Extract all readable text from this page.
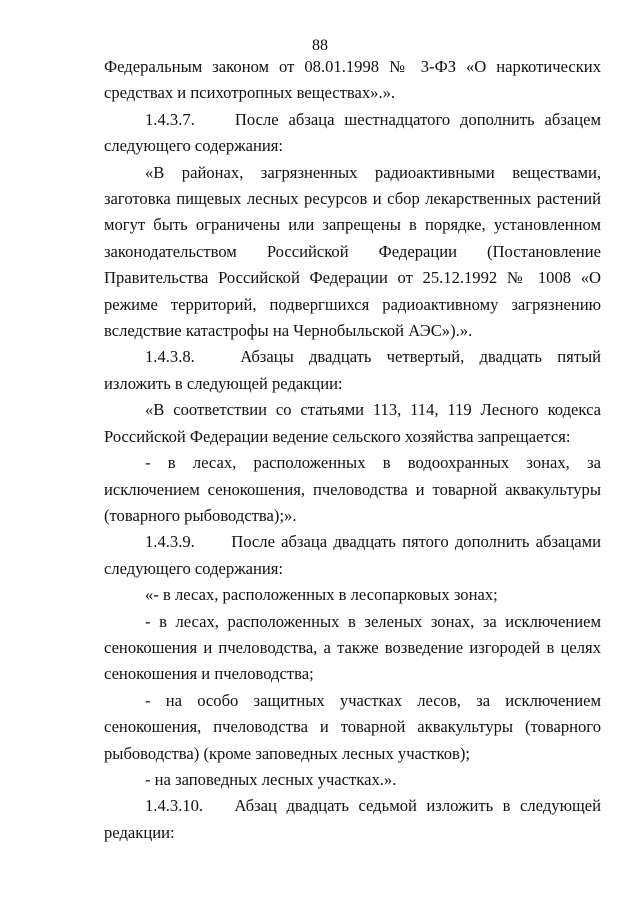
88

Федеральным законом от 08.01.1998 № 3-ФЗ «О наркотических средствах и психотропных веществах».».

1.4.3.7. После абзаца шестнадцатого дополнить абзацем следующего содержания:

«В районах, загрязненных радиоактивными веществами, заготовка пищевых лесных ресурсов и сбор лекарственных растений могут быть ограничены или запрещены в порядке, установленном законодательством Российской Федерации (Постановление Правительства Российской Федерации от 25.12.1992 № 1008 «О режиме территорий, подвергшихся радиоактивному загрязнению вследствие катастрофы на Чернобыльской АЭС»).».

1.4.3.8.	Абзацы двадцать четвертый, двадцать пятый изложить в следующей редакции:

«В соответствии со статьями 113, 114, 119 Лесного кодекса Российской Федерации ведение сельского хозяйства запрещается:

- в лесах, расположенных в водоохранных зонах, за исключением сенокошения, пчеловодства и товарной аквакультуры (товарного рыбоводства);».

1.4.3.9. После абзаца двадцать пятого дополнить абзацами следующего содержания:

«- в лесах, расположенных в лесопарковых зонах;

- в лесах, расположенных в зеленых зонах, за исключением сенокошения и пчеловодства, а также возведение изгородей в целях сенокошения и пчеловодства;

- на особо защитных участках лесов, за исключением сенокошения, пчеловодства и товарной аквакультуры (товарного рыбоводства) (кроме заповедных лесных участков);

- на заповедных лесных участках.».

1.4.3.10. Абзац двадцать седьмой изложить в следующей редакции:
